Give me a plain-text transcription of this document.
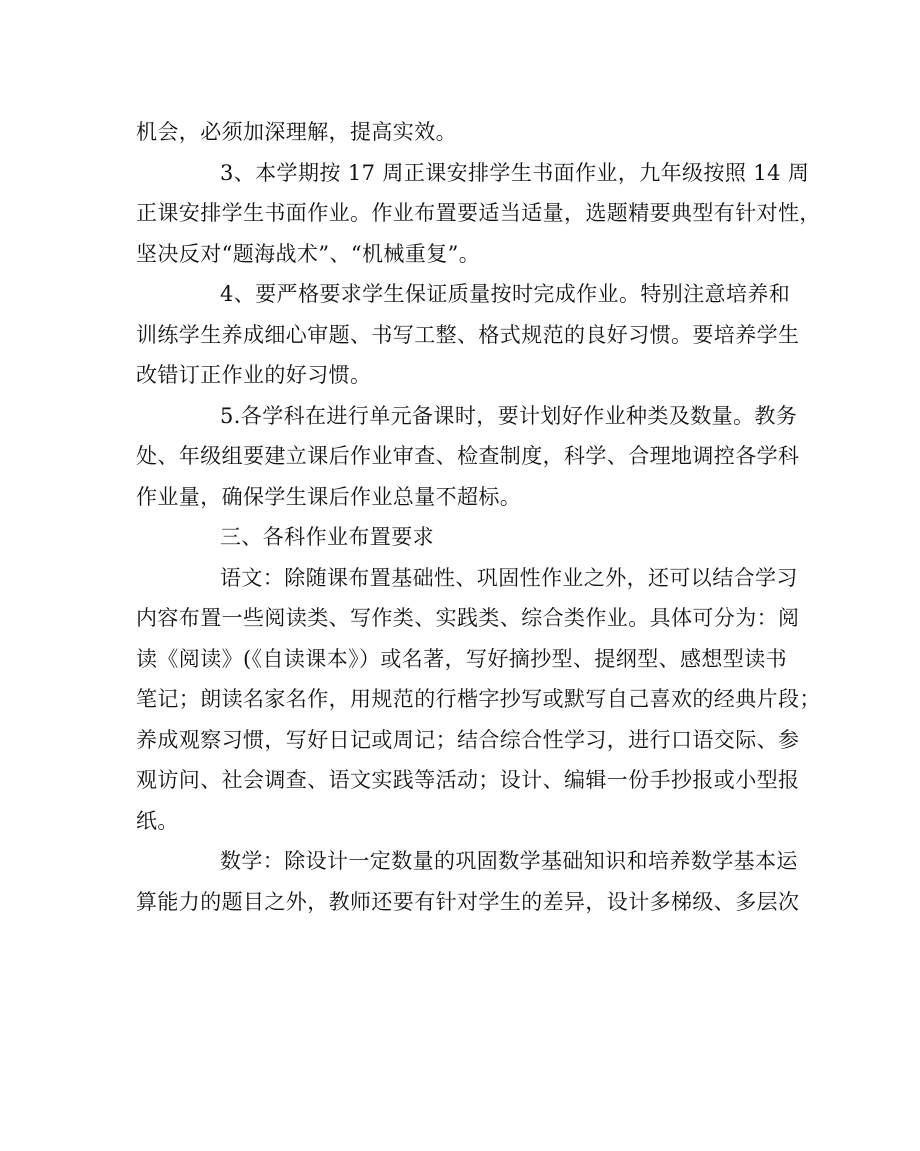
机会，必须加深理解，提高实效。

3、本学期按 17 周正课安排学生书面作业，九年级按照 14 周
正课安排学生书面作业。作业布置要适当适量，选题精要典型有针对性，
坚决反对“题海战术”、“机械重复”。

4、要严格要求学生保证质量按时完成作业。特别注意培养和
训练学生养成细心审题、书写工整、格式规范的良好习惯。要培养学生
改错订正作业的好习惯。

5.各学科在进行单元备课时，要计划好作业种类及数量。教务
处、年级组要建立课后作业审查、检查制度，科学、合理地调控各学科
作业量，确保学生课后作业总量不超标。

三、各科作业布置要求

语文：除随课布置基础性、巩固性作业之外，还可以结合学习
内容布置一些阅读类、写作类、实践类、综合类作业。具体可分为：阅
读《阅读》(《自读课本》）或名著，写好摘抄型、提纲型、感想型读书
笔记；朗读名家名作，用规范的行楷字抄写或默写自己喜欢的经典片段；
养成观察习惯，写好日记或周记；结合综合性学习，进行口语交际、参
观访问、社会调查、语文实践等活动；设计、编辑一份手抄报或小型报
纸。

数学：除设计一定数量的巩固数学基础知识和培养数学基本运
算能力的题目之外，教师还要有针对学生的差异，设计多梯级、多层次
